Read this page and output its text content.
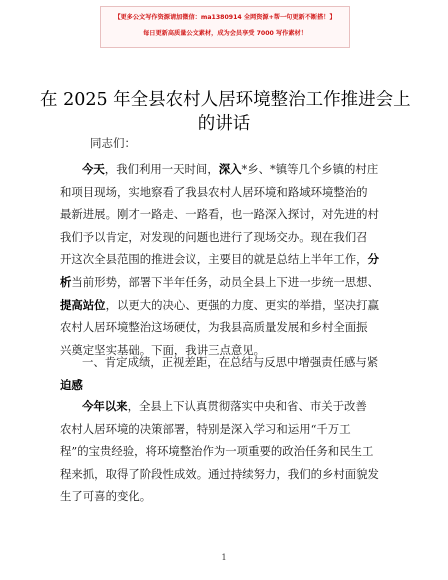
【更多公文写作资源请加微信：ma1380914 全网资源+帮一句更新不断搭！】
每日更新高质量公文素材，成为会员享受 7000 写作素材！
在 2025 年全县农村人居环境整治工作推进会上
的讲话
同志们：
今天，我们利用一天时间，深入*乡、*镇等几个乡镇的村庄
和项目现场，实地察看了我县农村人居环境和路域环境整治的
最新进展。刚才一路走、一路看，也一路深入探讨，对先进的村
我们予以肯定，对发现的问题也进行了现场交办。现在我们召
开这次全县范围的推进会议，主要目的就是总结上半年工作，分
析当前形势，部署下半年任务，动员全县上下进一步统一思想、
提高站位，以更大的决心、更强的力度、更实的举措，坚决打赢
农村人居环境整治这场硬仗，为我县高质量发展和乡村全面振
兴奠定坚实基础。下面，我讲三点意见。
一、肯定成绩，正视差距，在总结与反思中增强责任感与紧
迫感
今年以来，全县上下认真贯彻落实中央和省、市关于改善
农村人居环境的决策部署，特别是深入学习和运用“千万工
程”的宝贵经验，将环境整治作为一项重要的政治任务和民生工
程来抓，取得了阶段性成效。通过持续努力，我们的乡村面貌发
生了可喜的变化。
1
